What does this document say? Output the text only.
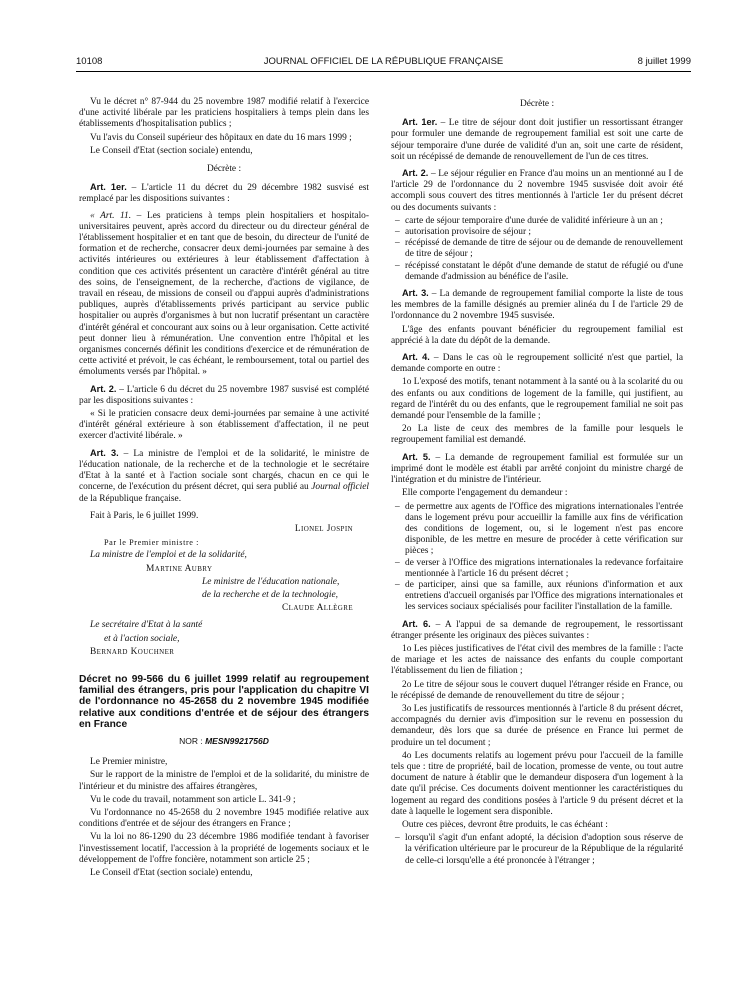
10108	JOURNAL OFFICIEL DE LA RÉPUBLIQUE FRANÇAISE	8 juillet 1999

Vu le décret n° 87-944 du 25 novembre 1987 modifié relatif à l'exercice d'une activité libérale par les praticiens hospitaliers à temps plein dans les établissements d'hospitalisation publics ;

Vu l'avis du Conseil supérieur des hôpitaux en date du 16 mars 1999 ;

Le Conseil d'Etat (section sociale) entendu,

Décrète :

Art. 1er. – L'article 11 du décret du 29 décembre 1982 susvisé est remplacé par les dispositions suivantes :

« Art. 11. – Les praticiens à temps plein hospitaliers et hospitalo-universitaires peuvent, après accord du directeur ou du directeur général de l'établissement hospitalier et en tant que de besoin, du directeur de l'unité de formation et de recherche, consacrer deux demi-journées par semaine à des activités intérieures ou extérieures à leur établissement d'affectation à condition que ces activités présentent un caractère d'intérêt général au titre des soins, de l'enseignement, de la recherche, d'actions de vigilance, de travail en réseau, de missions de conseil ou d'appui auprès d'administrations publiques, auprès d'établissements privés participant au service public hospitalier ou auprès d'organismes à but non lucratif présentant un caractère d'intérêt général et concourant aux soins ou à leur organisation. Cette activité peut donner lieu à rémunération. Une convention entre l'hôpital et les organismes concernés définit les conditions d'exercice et de rémunération de cette activité et prévoit, le cas échéant, le remboursement, total ou partiel des émoluments versés par l'hôpital. »

Art. 2. – L'article 6 du décret du 25 novembre 1987 susvisé est complété par les dispositions suivantes :

« Si le praticien consacre deux demi-journées par semaine à une activité d'intérêt général extérieure à son établissement d'affectation, il ne peut exercer d'activité libérale. »

Art. 3. – La ministre de l'emploi et de la solidarité, le ministre de l'éducation nationale, de la recherche et de la technologie et le secrétaire d'Etat à la santé et à l'action sociale sont chargés, chacun en ce qui le concerne, de l'exécution du présent décret, qui sera publié au Journal officiel de la République française.

Fait à Paris, le 6 juillet 1999.

Lionel Jospin

Par le Premier ministre :

La ministre de l'emploi et de la solidarité,

Martine Aubry

Le ministre de l'éducation nationale,

de la recherche et de la technologie,

Claude Allègre

Le secrétaire d'Etat à la santé

et à l'action sociale,

Bernard Kouchner

Décret no 99-566 du 6 juillet 1999 relatif au regroupement familial des étrangers, pris pour l'application du chapitre VI de l'ordonnance no 45-2658 du 2 novembre 1945 modifiée relative aux conditions d'entrée et de séjour des étrangers en France
NOR : MESN9921756D

Le Premier ministre,

Sur le rapport de la ministre de l'emploi et de la solidarité, du ministre de l'intérieur et du ministre des affaires étrangères,

Vu le code du travail, notamment son article L. 341-9 ;

Vu l'ordonnance no 45-2658 du 2 novembre 1945 modifiée relative aux conditions d'entrée et de séjour des étrangers en France ;

Vu la loi no 86-1290 du 23 décembre 1986 modifiée tendant à favoriser l'investissement locatif, l'accession à la propriété de logements sociaux et le développement de l'offre foncière, notamment son article 25 ;

Le Conseil d'Etat (section sociale) entendu,

Décrète :

Art. 1er. – Le titre de séjour dont doit justifier un ressortissant étranger pour formuler une demande de regroupement familial est soit une carte de séjour temporaire d'une durée de validité d'un an, soit une carte de résident, soit un récépissé de demande de renouvellement de l'un de ces titres.

Art. 2. – Le séjour régulier en France d'au moins un an mentionné au I de l'article 29 de l'ordonnance du 2 novembre 1945 susvisée doit avoir été accompli sous couvert des titres mentionnés à l'article 1er du présent décret ou des documents suivants :

– carte de séjour temporaire d'une durée de validité inférieure à un an ;
– autorisation provisoire de séjour ;
– récépissé de demande de titre de séjour ou de demande de renouvellement de titre de séjour ;
– récépissé constatant le dépôt d'une demande de statut de réfugié ou d'une demande d'admission au bénéfice de l'asile.

Art. 3. – La demande de regroupement familial comporte la liste de tous les membres de la famille désignés au premier alinéa du I de l'article 29 de l'ordonnance du 2 novembre 1945 susvisée.

L'âge des enfants pouvant bénéficier du regroupement familial est apprécié à la date du dépôt de la demande.

Art. 4. – Dans le cas où le regroupement sollicité n'est que partiel, la demande comporte en outre :

1o L'exposé des motifs, tenant notamment à la santé ou à la scolarité du ou des enfants ou aux conditions de logement de la famille, qui justifient, au regard de l'intérêt du ou des enfants, que le regroupement familial ne soit pas demandé pour l'ensemble de la famille ;

2o La liste de ceux des membres de la famille pour lesquels le regroupement familial est demandé.

Art. 5. – La demande de regroupement familial est formulée sur un imprimé dont le modèle est établi par arrêté conjoint du ministre chargé de l'intégration et du ministre de l'intérieur.

Elle comporte l'engagement du demandeur :

– de permettre aux agents de l'Office des migrations internationales l'entrée dans le logement prévu pour accueillir la famille aux fins de vérification des conditions de logement, ou, si le logement n'est pas encore disponible, de les mettre en mesure de procéder à cette vérification sur pièces ;
– de verser à l'Office des migrations internationales la redevance forfaitaire mentionnée à l'article 16 du présent décret ;
– de participer, ainsi que sa famille, aux réunions d'information et aux entretiens d'accueil organisés par l'Office des migrations internationales et les services sociaux spécialisés pour faciliter l'installation de la famille.

Art. 6. – A l'appui de sa demande de regroupement, le ressortissant étranger présente les originaux des pièces suivantes :

1o Les pièces justificatives de l'état civil des membres de la famille : l'acte de mariage et les actes de naissance des enfants du couple comportant l'établissement du lien de filiation ;

2o Le titre de séjour sous le couvert duquel l'étranger réside en France, ou le récépissé de demande de renouvellement du titre de séjour ;

3o Les justificatifs de ressources mentionnés à l'article 8 du présent décret, accompagnés du dernier avis d'imposition sur le revenu en possession du demandeur, dès lors que sa durée de présence en France lui permet de produire un tel document ;

4o Les documents relatifs au logement prévu pour l'accueil de la famille tels que : titre de propriété, bail de location, promesse de vente, ou tout autre document de nature à établir que le demandeur disposera d'un logement à la date qu'il précise. Ces documents doivent mentionner les caractéristiques du logement au regard des conditions posées à l'article 9 du présent décret et la date à laquelle le logement sera disponible.

Outre ces pièces, devront être produits, le cas échéant :

– lorsqu'il s'agit d'un enfant adopté, la décision d'adoption sous réserve de la vérification ultérieure par le procureur de la République de la régularité de celle-ci lorsqu'elle a été prononcée à l'étranger ;
